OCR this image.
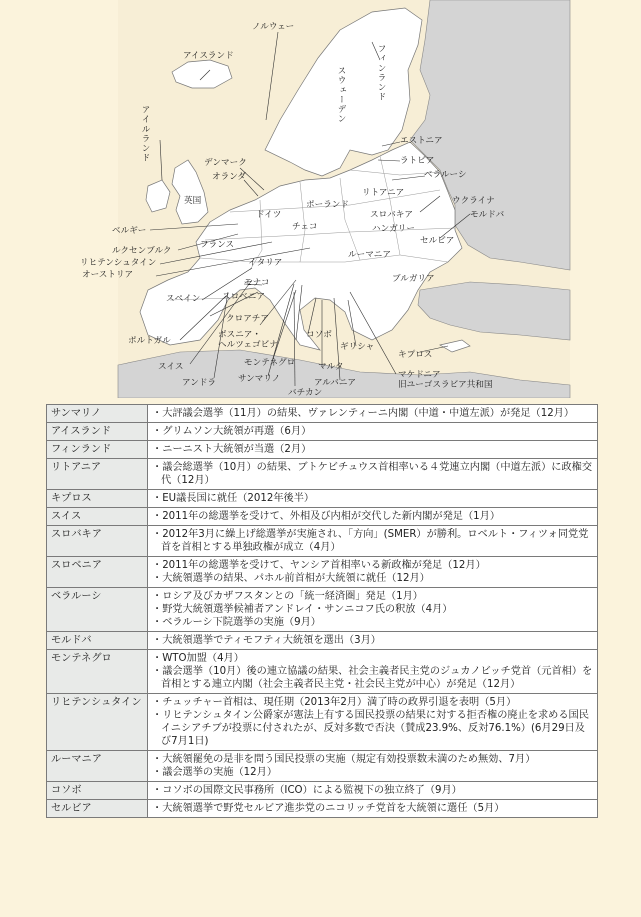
ノルウェー
アイスランド	フィンランド
スウェーデン
アイルランド	エストニア
ラトビア
ベラルーシ
デンマーク
オランダ
リトアニア
英国	ウクライナ
ポーランド
モルドバ
ドイツ	スロバキア
ベルギー	チェコ	ハンガリー
ルクセンブルク
フランス	セルビア
リヒテンシュタイン
ルーマニア
オーストリア
イタリア
モナコ	ブルガリア
スペイン	スロベニア
クロアチア
ポルトガル
ボスニア・
ヘルツェゴビナ
コソボ
ギリシャ
キプロス
モンテネグロ	マルタ
スイス
マケドニア
旧ユーゴスラビア共和国
アンドラ	サンマリノ	アルバニア
バチカン
サンマリノ	・ 大評議会選挙（11月）の結果、ヴァレンティーニ内閣（中道・中道左派）が発足（12月）

アイスランド	・ グリムソン大統領が再選（6月）

フィンランド	・ ニーニスト大統領が当選（2月）

リトアニア	・ 議会総選挙（10月）の結果、ブトケビチュウス首相率いる４党連立内閣（中道左派）に政権交代（12月）

キプロス	・ EU議長国に就任（2012年後半）

スイス	・ 2011年の総選挙を受けて、外相及び内相が交代した新内閣が発足（1月）

スロバキア	・ 2012年3月に繰上げ総選挙が実施され、「方向」(SMER）が勝利。ロベルト・フィツォ同党党首を首相とする単独政権が成立（4月）

スロベニア	・ 2011年の総選挙を受けて、ヤンシア首相率いる新政権が発足（12月）
・ 大統領選挙の結果、パホル前首相が大統領に就任（12月）

ベラルーシ	・ ロシア及びカザフスタンとの「統一経済圏」発足（1月）
・ 野党大統領選挙候補者アンドレイ・サンニコフ氏の釈放（4月）
・ ベラルーシ下院選挙の実施（9月）

モルドバ	・ 大統領選挙でティモフティ大統領を選出（3月）

モンテネグロ	・ WTO加盟（4月）
・ 議会選挙（10月）後の連立協議の結果、社会主義者民主党のジュカノビッチ党首（元首相）を首相とする連立内閣（社会主義者民主党・社会民主党が中心）が発足（12月）

リヒテンシュタイン	・ チュッチャー首相は、現任期（2013年2月）満了時の政界引退を表明（5月）
・ リヒテンシュタイン公爵家が憲法上有する国民投票の結果に対する拒否権の廃止を求める国民イニシアチブが投票に付されたが、反対多数で否決（賛成23.9%、反対76.1%）(6月29日及び7月1日)

ルーマニア	・ 大統領罷免の是非を問う国民投票の実施（規定有効投票数未満のため無効、7月）
・ 議会選挙の実施（12月）

コソボ	・ コソボの国際文民事務所（ICO）による監視下の独立終了（9月）

セルビア	・ 大統領選挙で野党セルビア進歩党のニコリッチ党首を大統領に選任（5月）
